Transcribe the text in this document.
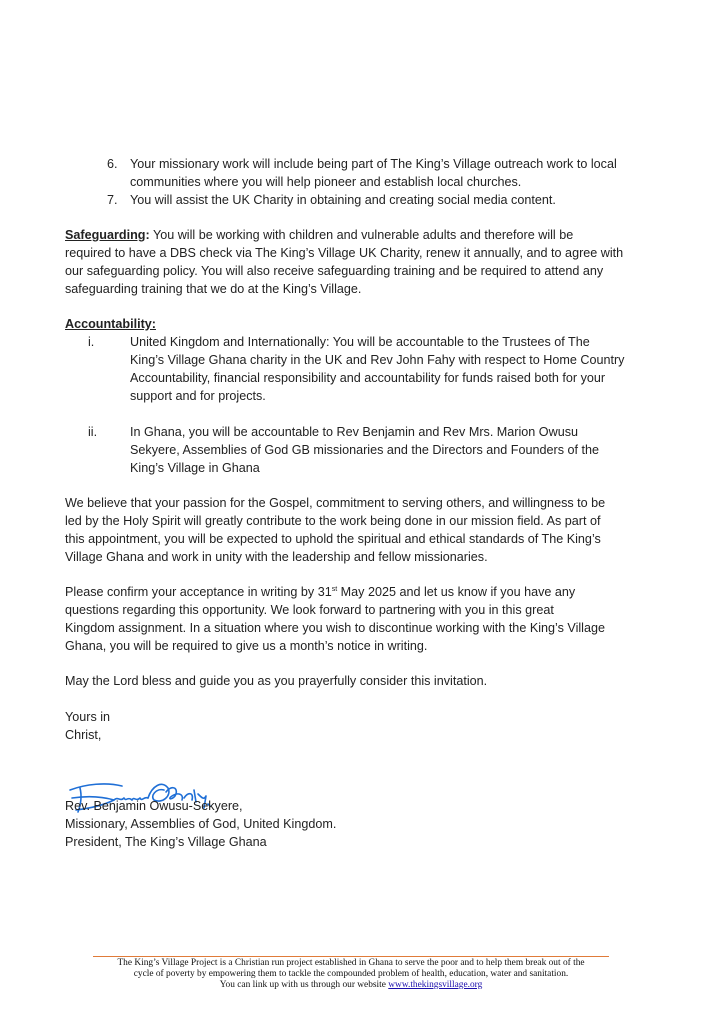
6. Your missionary work will include being part of The King’s Village outreach work to local
communities where you will help pioneer and establish local churches.
7. You will assist the UK Charity in obtaining and creating social media content.
Safeguarding: You will be working with children and vulnerable adults and therefore will be
required to have a DBS check via The King’s Village UK Charity, renew it annually, and to agree with
our safeguarding policy. You will also receive safeguarding training and be required to attend any
safeguarding training that we do at the King’s Village.
Accountability:
i.	United Kingdom and Internationally: You will be accountable to the Trustees of The
King’s Village Ghana charity in the UK and Rev John Fahy with respect to Home Country
Accountability, financial responsibility and accountability for funds raised both for your
support and for projects.
ii.	In Ghana, you will be accountable to Rev Benjamin and Rev Mrs. Marion Owusu
Sekyere, Assemblies of God GB missionaries and the Directors and Founders of the
King’s Village in Ghana
We believe that your passion for the Gospel, commitment to serving others, and willingness to be
led by the Holy Spirit will greatly contribute to the work being done in our mission field. As part of
this appointment, you will be expected to uphold the spiritual and ethical standards of The King’s
Village Ghana and work in unity with the leadership and fellow missionaries.
Please confirm your acceptance in writing by 31st May 2025 and let us know if you have any
questions regarding this opportunity. We look forward to partnering with you in this great
Kingdom assignment. In a situation where you wish to discontinue working with the King’s Village
Ghana, you will be required to give us a month’s notice in writing.
May the Lord bless and guide you as you prayerfully consider this invitation.
Yours in
Christ,
Rev. Benjamin Owusu-Sekyere,
Missionary, Assemblies of God, United Kingdom.
President, The King’s Village Ghana
The King’s Village Project is a Christian run project established in Ghana to serve the poor and to help them break out of the
cycle of poverty by empowering them to tackle the compounded problem of health, education, water and sanitation.
You can link up with us through our website www.thekingsvillage.org
